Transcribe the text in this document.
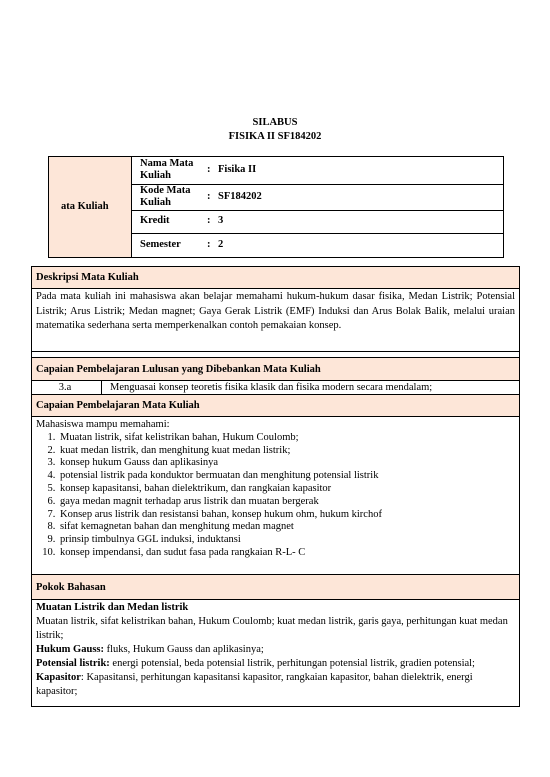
SILABUS
FISIKA II SF184202
ata Kuliah
Nama Mata Kuliah
: Fisika II
Kode Mata Kuliah
: SF184202
Kredit	: 3
Semester : 2
Deskripsi Mata Kuliah
Pada mata kuliah ini mahasiswa akan belajar memahami hukum-hukum dasar fisika, Medan Listrik; Potensial Listrik; Arus Listrik; Medan magnet; Gaya Gerak Listrik (EMF) Induksi dan Arus Bolak Balik, melalui uraian matematika sederhana serta memperkenalkan contoh pemakaian konsep.
Capaian Pembelajaran Lulusan yang Dibebankan Mata Kuliah
3.a	Menguasai konsep teoretis fisika klasik dan fisika modern secara mendalam;
Capaian Pembelajaran Mata Kuliah
Mahasiswa mampu memahami:
1. Muatan listrik, sifat kelistrikan bahan, Hukum Coulomb;
2. kuat medan listrik, dan menghitung kuat medan listrik;
3. konsep hukum Gauss dan aplikasinya
4. potensial listrik pada konduktor bermuatan dan menghitung potensial listrik
5. konsep kapasitansi, bahan dielektrikum, dan rangkaian kapasitor
6. gaya medan magnit terhadap arus listrik dan muatan bergerak
7. Konsep arus listrik dan resistansi bahan, konsep hukum ohm, hukum kirchof
8. sifat kemagnetan bahan dan menghitung medan magnet
9. prinsip timbulnya GGL induksi, induktansi
10. konsep impendansi, dan sudut fasa pada rangkaian R-L- C
Pokok Bahasan
Muatan Listrik dan Medan listrik
Muatan listrik, sifat kelistrikan bahan, Hukum Coulomb; kuat medan listrik, garis gaya, perhitungan kuat medan listrik;
Hukum Gauss: fluks, Hukum Gauss dan aplikasinya;
Potensial listrik: energi potensial, beda potensial listrik, perhitungan potensial listrik, gradien potensial;
Kapasitor: Kapasitansi, perhitungan kapasitansi kapasitor, rangkaian kapasitor, bahan dielektrik, energi kapasitor;
